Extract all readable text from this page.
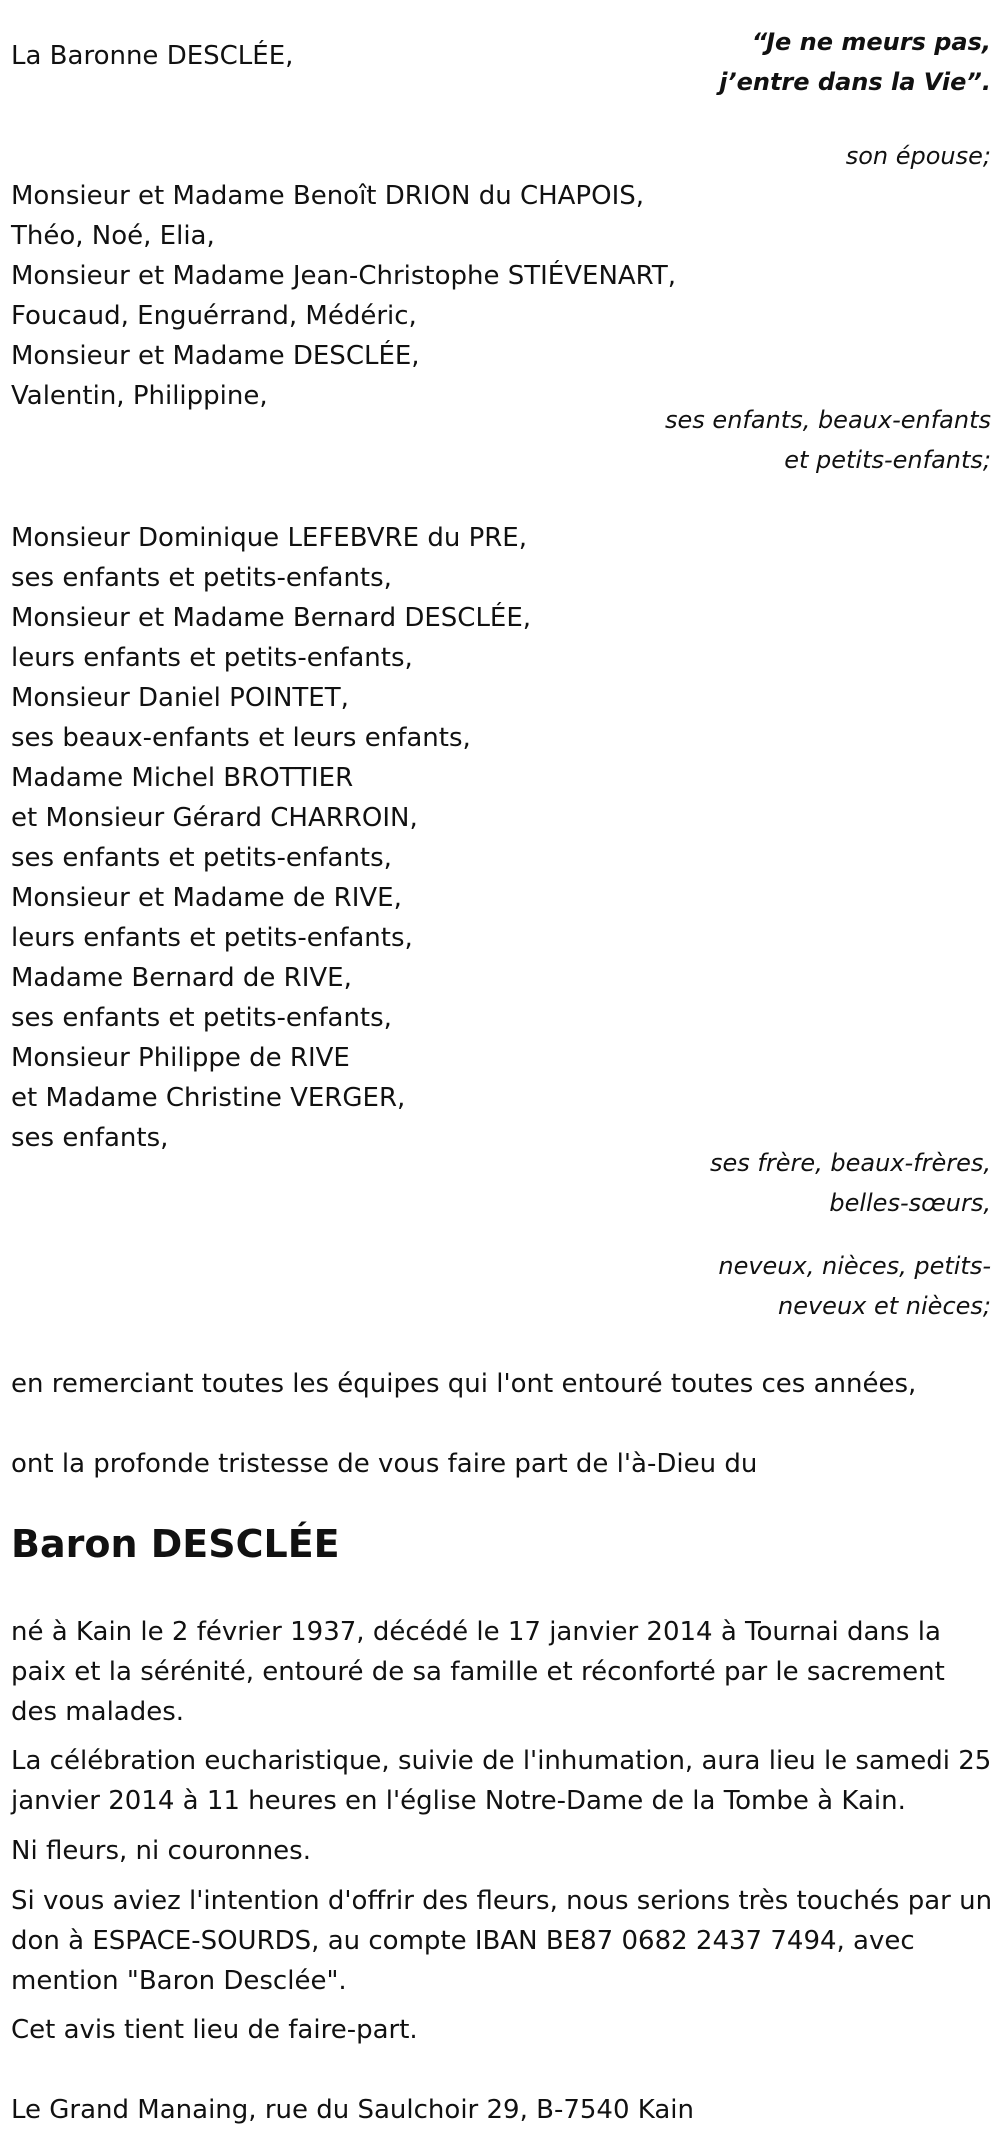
“Je ne meurs pas, j’entre dans la Vie”.
La Baronne DESCLÉE,
son épouse;
Monsieur et Madame Benoît DRION du CHAPOIS,
Théo, Noé, Elia,
Monsieur et Madame Jean-Christophe STIÉVENART,
Foucaud, Enguérrand, Médéric,
Monsieur et Madame DESCLÉE,
Valentin, Philippine,
ses enfants, beaux-enfants et petits-enfants;
Monsieur Dominique LEFEBVRE du PRE,
ses enfants et petits-enfants,
Monsieur et Madame Bernard DESCLÉE,
leurs enfants et petits-enfants,
Monsieur Daniel POINTET,
ses beaux-enfants et leurs enfants,
Madame Michel BROTTIER
et Monsieur Gérard CHARROIN,
ses enfants et petits-enfants,
Monsieur et Madame de RIVE,
leurs enfants et petits-enfants,
Madame Bernard de RIVE,
ses enfants et petits-enfants,
Monsieur Philippe de RIVE
et Madame Christine VERGER,
ses enfants,
ses frère, beaux-frères, belles-sœurs,
neveux, nièces, petits-neveux et nièces;
en remerciant toutes les équipes qui l'ont entouré toutes ces années,
ont la profonde tristesse de vous faire part de l'à-Dieu du
Baron DESCLÉE
né à Kain le 2 février 1937, décédé le 17 janvier 2014 à Tournai dans la paix et la sérénité, entouré de sa famille et réconforté par le sacrement des malades.
La célébration eucharistique, suivie de l'inhumation, aura lieu le samedi 25 janvier 2014 à 11 heures en l'église Notre-Dame de la Tombe à Kain.
Ni fleurs, ni couronnes.
Si vous aviez l'intention d'offrir des fleurs, nous serions très touchés par un don à ESPACE-SOURDS, au compte IBAN BE87 0682 2437 7494, avec mention "Baron Desclée".
Cet avis tient lieu de faire-part.
Le Grand Manaing, rue du Saulchoir 29, B-7540 Kain
